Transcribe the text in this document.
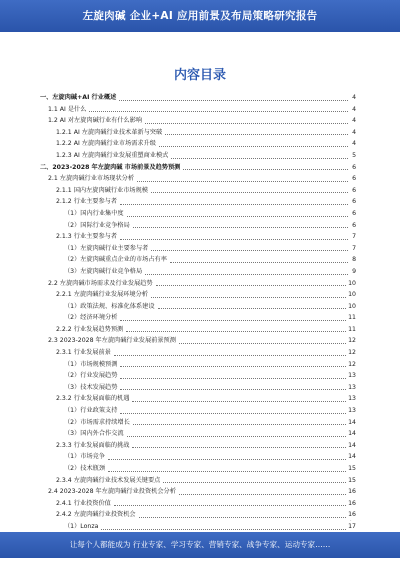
左旋肉碱 企业+AI 应用前景及布局策略研究报告
内容目录
一、左旋肉碱+AI 行业概述	4
1.1 AI 是什么	4
1.2 AI 对左旋肉碱行业有什么影响	4
1.2.1 AI 左旋肉碱行业技术革新与突破	4
1.2.2 AI 左旋肉碱行业市场需求升级	4
1.2.3 AI 左旋肉碱行业发展重塑商业模式	5
二、2023-2028 年左旋肉碱 市场前景及趋势预测	6
2.1 左旋肉碱行业市场现状分析	6
2.1.1 国内左旋肉碱行业市场规模	6
2.1.2 行业主要参与者	6
（1）国内行业集中度	6
（2）国际行业竞争格局	6
2.1.3 行业主要参与者	7
（1）左旋肉碱行业主要参与者	7
（2）左旋肉碱重点企业的市场占有率	8
（3）左旋肉碱行业竞争格局	9
2.2 左旋肉碱市场需求及行业发展趋势	10
2.2.1 左旋肉碱行业发展环境分析	10
（1）政策法规、标准化体系建设	10
（2）经济环境分析	11
2.2.2 行业发展趋势预测	11
2.3 2023-2028 年左旋肉碱行业发展前景预测	12
2.3.1 行业发展前景	12
（1）市场规模预测	12
（2）行业发展趋势	13
（3）技术发展趋势	13
2.3.2 行业发展面临的机遇	13
（1）行业政策支持	13
（2）市场需求持续增长	14
（3）国内外合作交流	14
2.3.3 行业发展面临的挑战	14
（1）市场竞争	14
（2）技术瓶颈	15
2.3.4 左旋肉碱行业技术发展关键要点	15
2.4 2023-2028 年左旋肉碱行业投资机会分析	16
2.4.1 行业投资价值	16
2.4.2 左旋肉碱行业投资机会	16
（1）Lonza	17
·
让每个人都能成为 行业专家、学习专家、营销专家、战争专家、运动专家……
